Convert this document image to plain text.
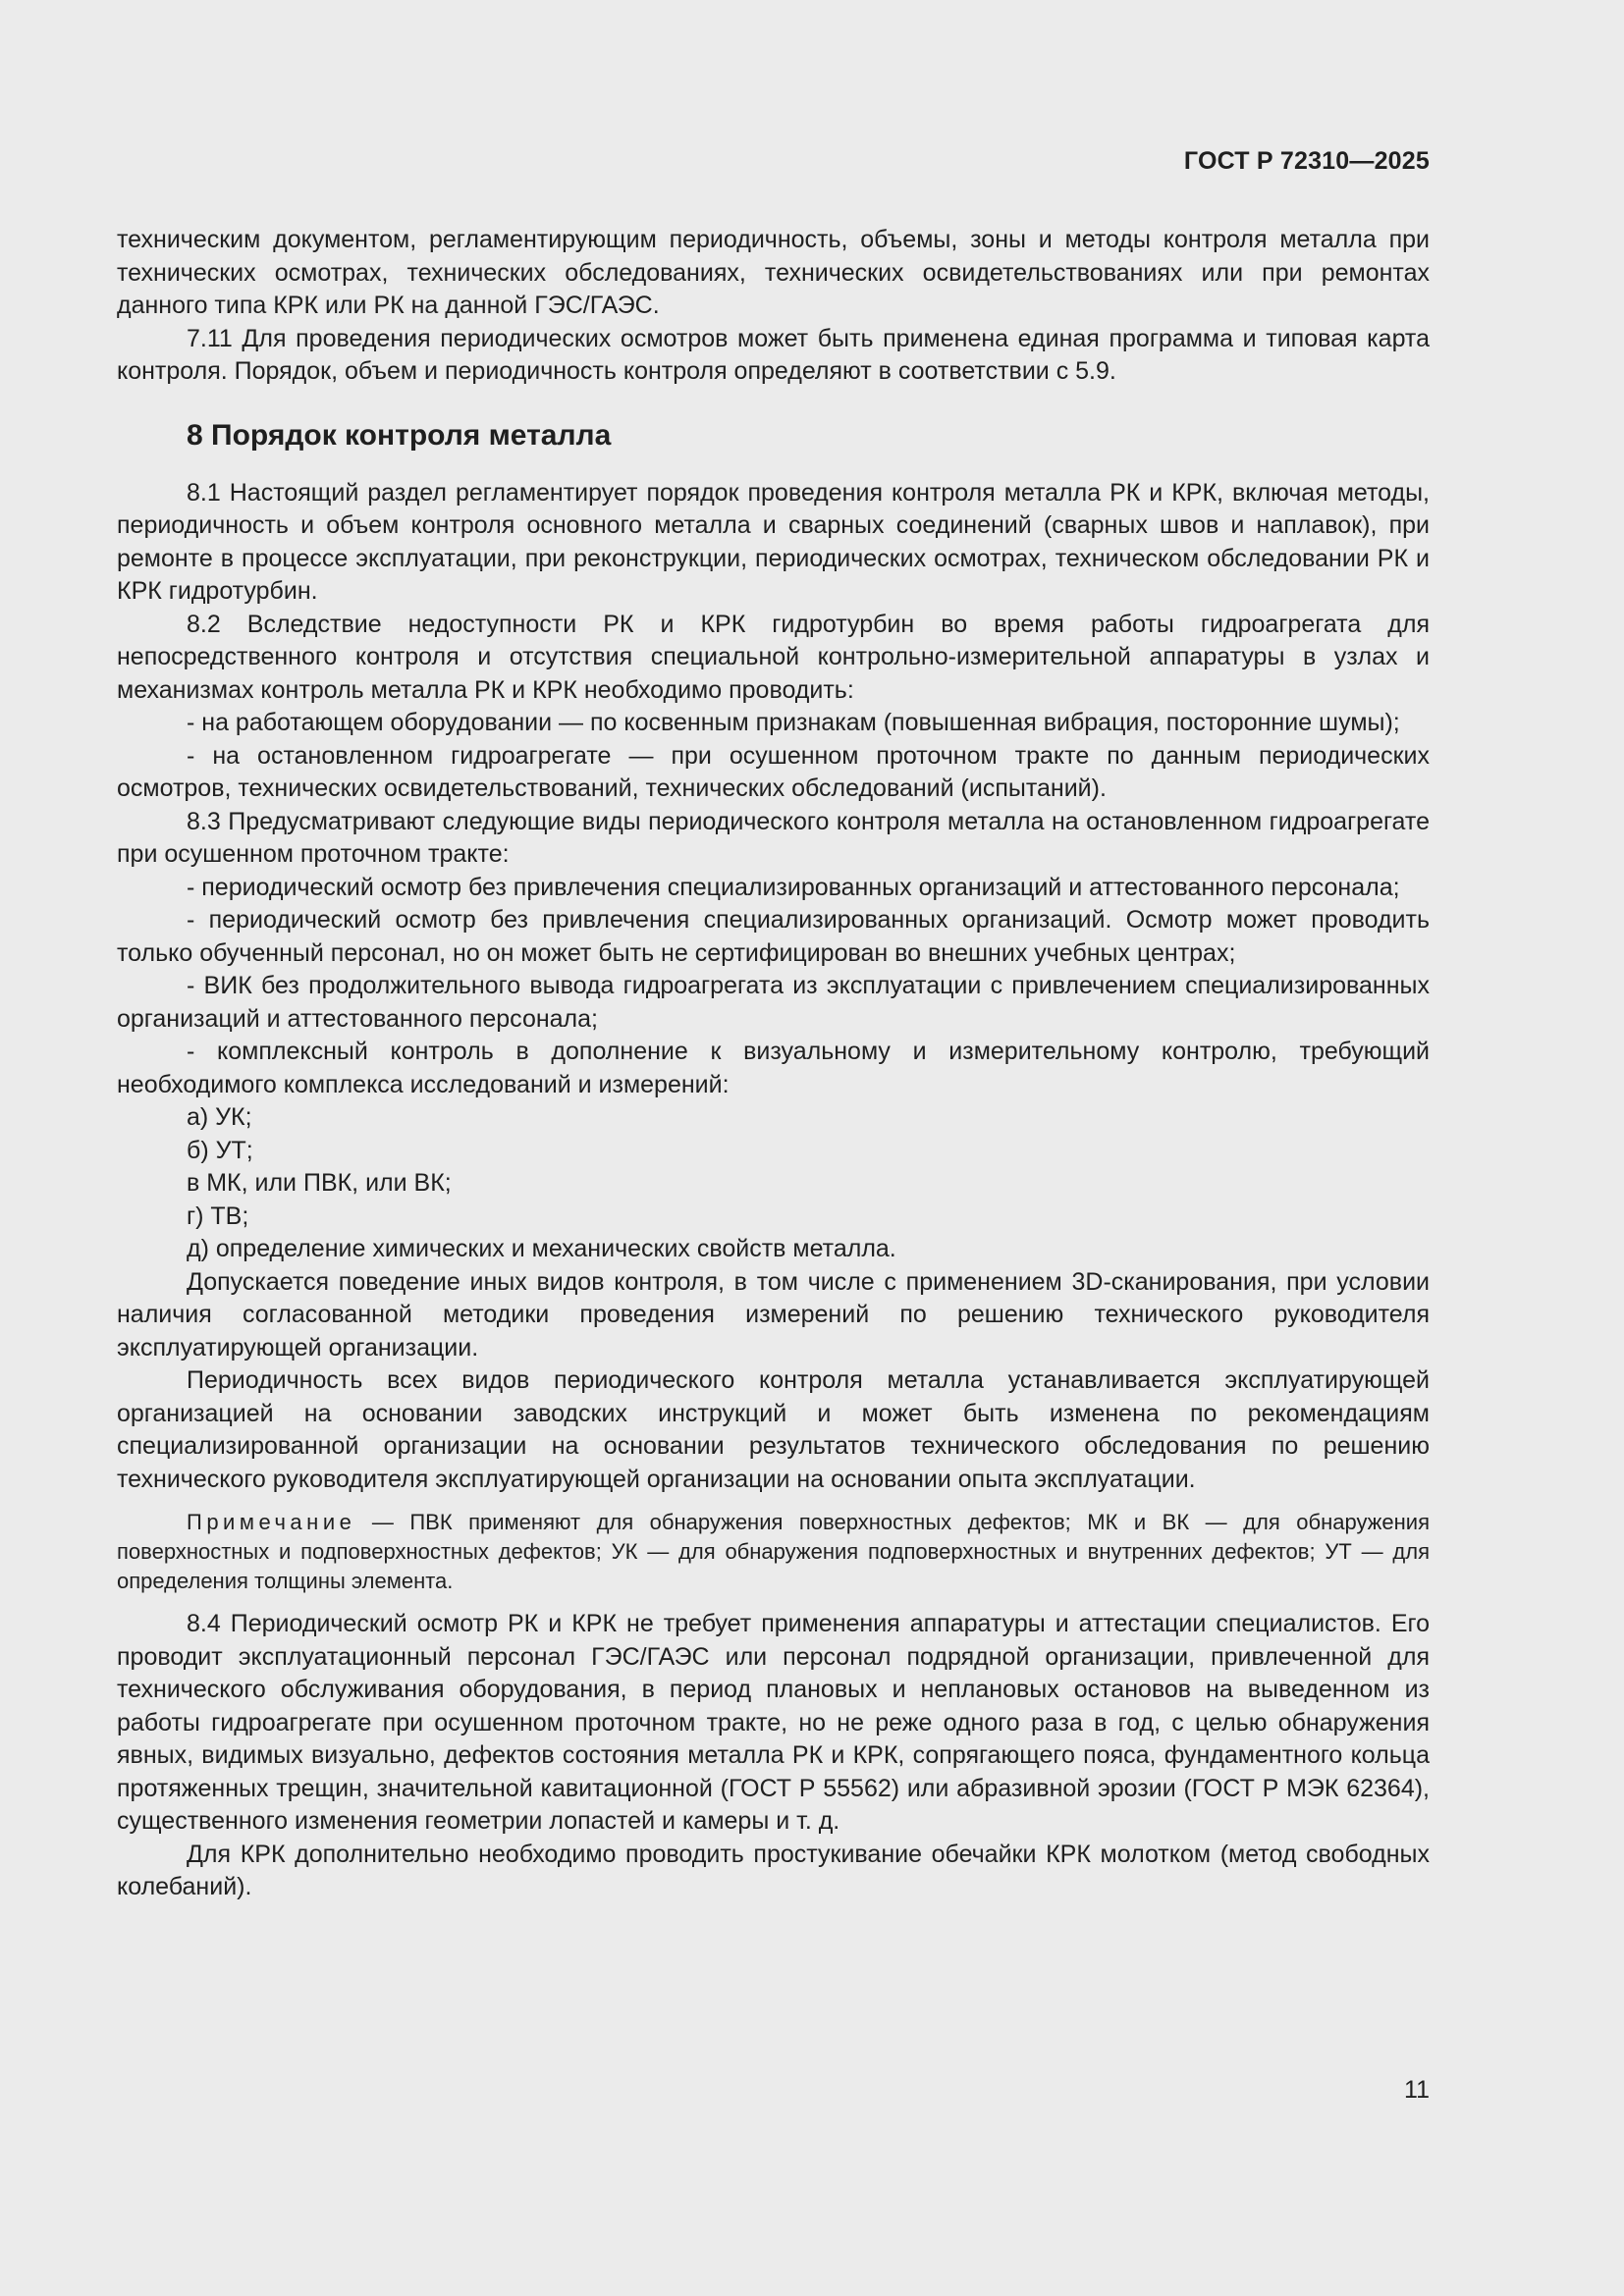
ГОСТ Р 72310—2025

техническим документом, регламентирующим периодичность, объемы, зоны и методы контроля металла при технических осмотрах, технических обследованиях, технических освидетельствованиях или при ремонтах данного типа КРК или РК на данной ГЭС/ГАЭС.

7.11 Для проведения периодических осмотров может быть применена единая программа и типовая карта контроля. Порядок, объем и периодичность контроля определяют в соответствии с 5.9.

8 Порядок контроля металла

8.1 Настоящий раздел регламентирует порядок проведения контроля металла РК и КРК, включая методы, периодичность и объем контроля основного металла и сварных соединений (сварных швов и наплавок), при ремонте в процессе эксплуатации, при реконструкции, периодических осмотрах, техническом обследовании РК и КРК гидротурбин.

8.2 Вследствие недоступности РК и КРК гидротурбин во время работы гидроагрегата для непосредственного контроля и отсутствия специальной контрольно-измерительной аппаратуры в узлах и механизмах контроль металла РК и КРК необходимо проводить:

- на работающем оборудовании — по косвенным признакам (повышенная вибрация, посторонние шумы);

- на остановленном гидроагрегате — при осушенном проточном тракте по данным периодических осмотров, технических освидетельствований, технических обследований (испытаний).

8.3 Предусматривают следующие виды периодического контроля металла на остановленном гидроагрегате при осушенном проточном тракте:

- периодический осмотр без привлечения специализированных организаций и аттестованного персонала;

- периодический осмотр без привлечения специализированных организаций. Осмотр может проводить только обученный персонал, но он может быть не сертифицирован во внешних учебных центрах;

- ВИК без продолжительного вывода гидроагрегата из эксплуатации с привлечением специализированных организаций и аттестованного персонала;

- комплексный контроль в дополнение к визуальному и измерительному контролю, требующий необходимого комплекса исследований и измерений:

а) УК;

б) УТ;

в МК, или ПВК, или ВК;

г) ТВ;

д) определение химических и механических свойств металла.

Допускается поведение иных видов контроля, в том числе с применением 3D-сканирования, при условии наличия согласованной методики проведения измерений по решению технического руководителя эксплуатирующей организации.

Периодичность всех видов периодического контроля металла устанавливается эксплуатирующей организацией на основании заводских инструкций и может быть изменена по рекомендациям специализированной организации на основании результатов технического обследования по решению технического руководителя эксплуатирующей организации на основании опыта эксплуатации.

Примечание — ПВК применяют для обнаружения поверхностных дефектов; МК и ВК — для обнаружения поверхностных и подповерхностных дефектов; УК — для обнаружения подповерхностных и внутренних дефектов; УТ — для определения толщины элемента.

8.4 Периодический осмотр РК и КРК не требует применения аппаратуры и аттестации специалистов. Его проводит эксплуатационный персонал ГЭС/ГАЭС или персонал подрядной организации, привлеченной для технического обслуживания оборудования, в период плановых и неплановых остановов на выведенном из работы гидроагрегате при осушенном проточном тракте, но не реже одного раза в год, с целью обнаружения явных, видимых визуально, дефектов состояния металла РК и КРК, сопрягающего пояса, фундаментного кольца протяженных трещин, значительной кавитационной (ГОСТ Р 55562) или абразивной эрозии (ГОСТ Р МЭК 62364), существенного изменения геометрии лопастей и камеры и т. д.

Для КРК дополнительно необходимо проводить простукивание обечайки КРК молотком (метод свободных колебаний).

11
